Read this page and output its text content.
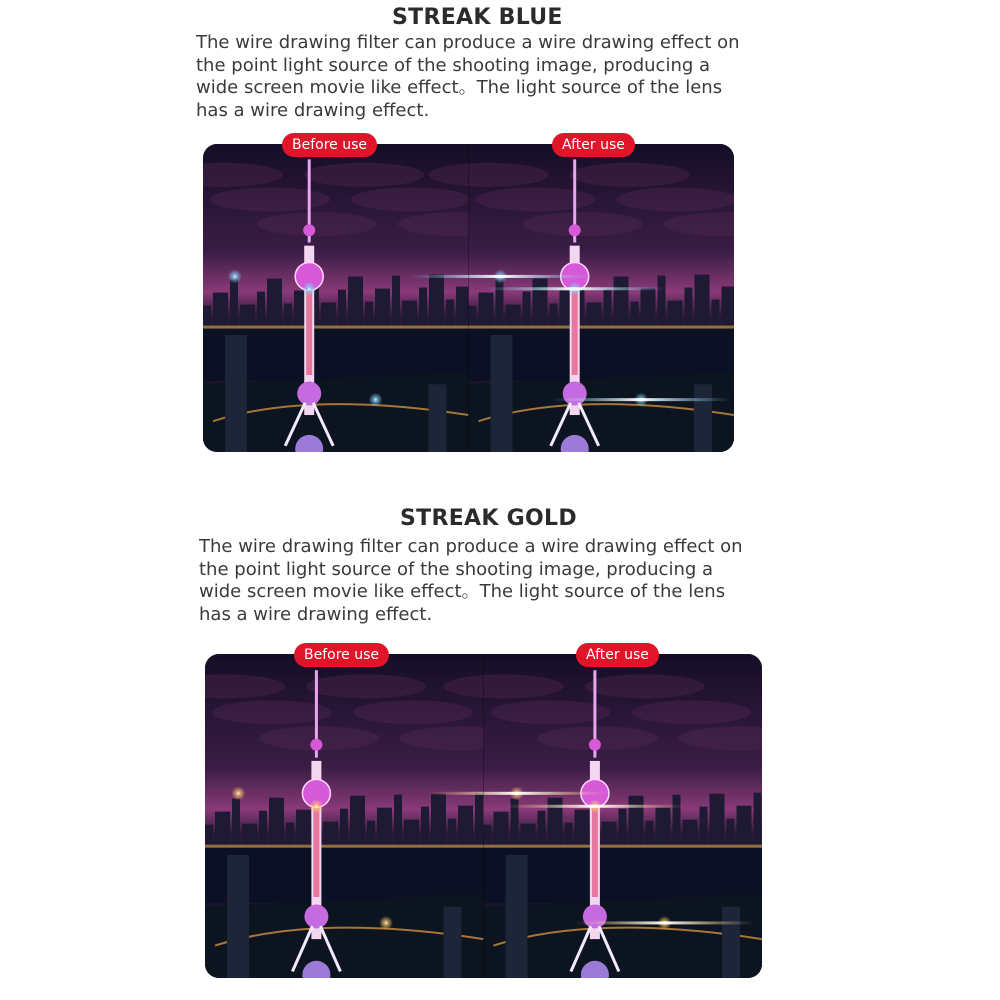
STREAK BLUE
The wire drawing filter can produce a wire drawing effect on
the point light source of the shooting image, producing a
wide screen movie like effect。The light source of the lens
has a wire drawing effect.
Before use	After use
STREAK GOLD
The wire drawing filter can produce a wire drawing effect on
the point light source of the shooting image, producing a
wide screen movie like effect。The light source of the lens
has a wire drawing effect.
Before use	After use
